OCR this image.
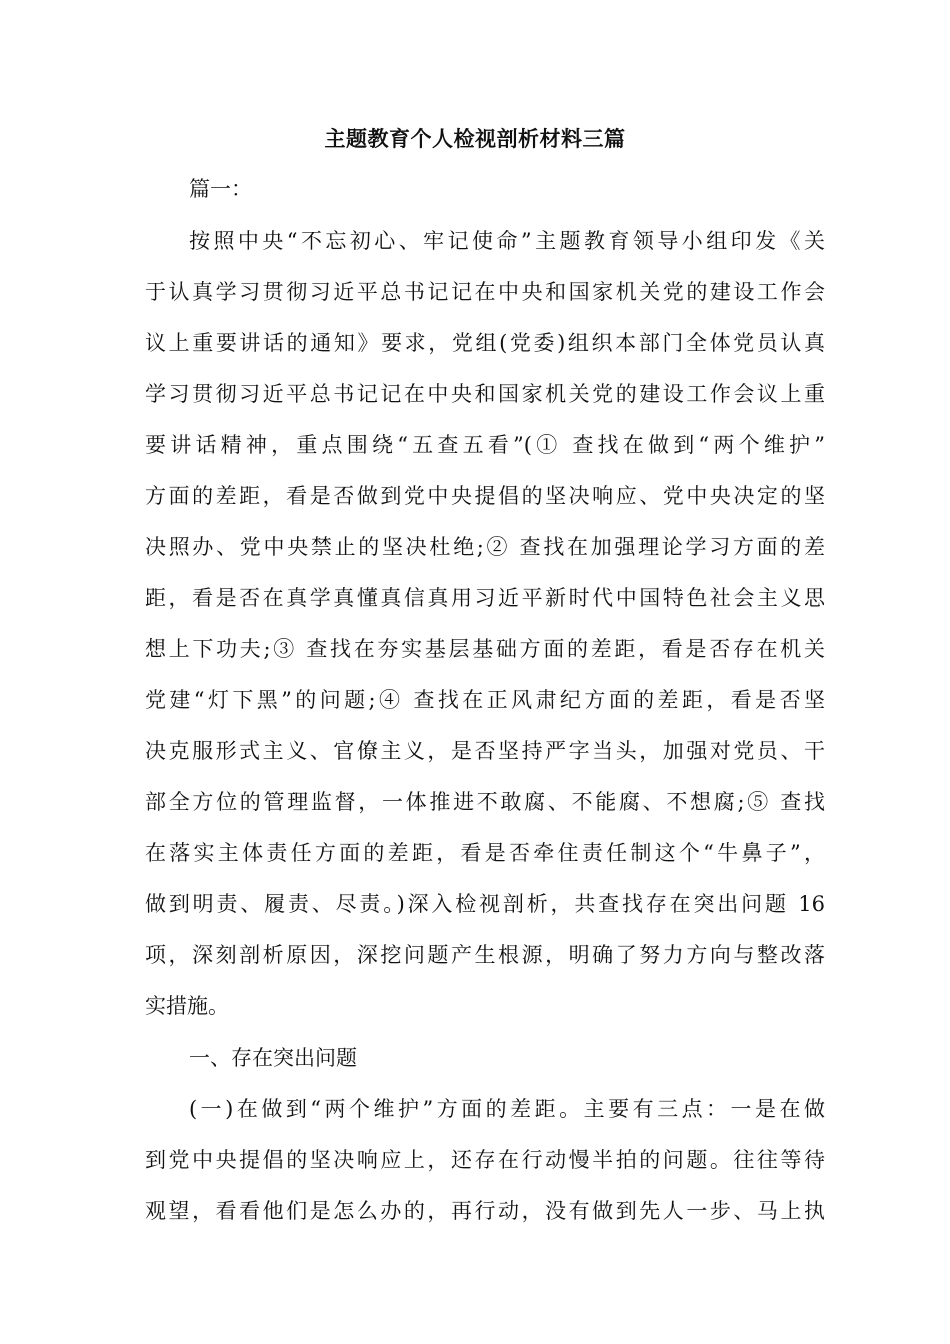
主题教育个人检视剖析材料三篇
篇一：
按照中央“不忘初心、牢记使命”主题教育领导小组印发《关
于认真学习贯彻习近平总书记记在中央和国家机关党的建设工作会
议上重要讲话的通知》要求，党组(党委)组织本部门全体党员认真
学习贯彻习近平总书记记在中央和国家机关党的建设工作会议上重
要讲话精神，重点围绕“五查五看”(① 查找在做到“两个维护”
方面的差距，看是否做到党中央提倡的坚决响应、党中央决定的坚
决照办、党中央禁止的坚决杜绝;② 查找在加强理论学习方面的差
距，看是否在真学真懂真信真用习近平新时代中国特色社会主义思
想上下功夫;③ 查找在夯实基层基础方面的差距，看是否存在机关
党建“灯下黑”的问题;④ 查找在正风肃纪方面的差距，看是否坚
决克服形式主义、官僚主义，是否坚持严字当头，加强对党员、干
部全方位的管理监督，一体推进不敢腐、不能腐、不想腐;⑤ 查找
在落实主体责任方面的差距，看是否牵住责任制这个“牛鼻子”，
做到明责、履责、尽责。)深入检视剖析，共查找存在突出问题 16
项，深刻剖析原因，深挖问题产生根源，明确了努力方向与整改落
实措施。
一、存在突出问题
(一)在做到“两个维护”方面的差距。主要有三点：一是在做
到党中央提倡的坚决响应上，还存在行动慢半拍的问题。往往等待
观望，看看他们是怎么办的，再行动，没有做到先人一步、马上执
